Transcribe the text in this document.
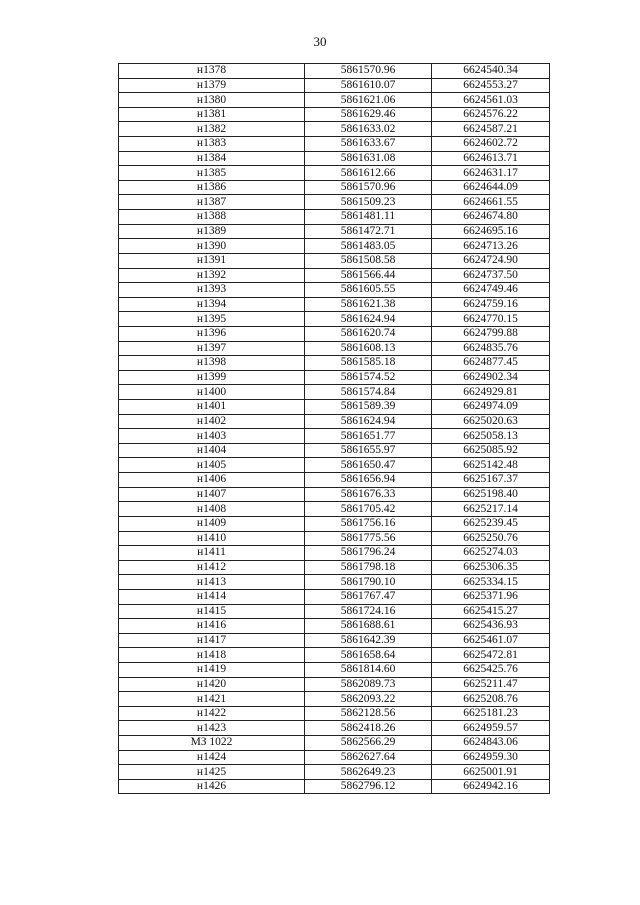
30
н1378	5861570.96	6624540.34
н1379	5861610.07	6624553.27
н1380	5861621.06	6624561.03
н1381	5861629.46	6624576.22
н1382	5861633.02	6624587.21
н1383	5861633.67	6624602.72
н1384	5861631.08	6624613.71
н1385	5861612.66	6624631.17
н1386	5861570.96	6624644.09
н1387	5861509.23	6624661.55
н1388	5861481.11	6624674.80
н1389	5861472.71	6624695.16
н1390	5861483.05	6624713.26
н1391	5861508.58	6624724.90
н1392	5861566.44	6624737.50
н1393	5861605.55	6624749.46
н1394	5861621.38	6624759.16
н1395	5861624.94	6624770.15
н1396	5861620.74	6624799.88
н1397	5861608.13	6624835.76
н1398	5861585.18	6624877.45
н1399	5861574.52	6624902.34
н1400	5861574.84	6624929.81
н1401	5861589.39	6624974.09
н1402	5861624.94	6625020.63
н1403	5861651.77	6625058.13
н1404	5861655.97	6625085.92
н1405	5861650.47	6625142.48
н1406	5861656.94	6625167.37
н1407	5861676.33	6625198.40
н1408	5861705.42	6625217.14
н1409	5861756.16	6625239.45
н1410	5861775.56	6625250.76
н1411	5861796.24	6625274.03
н1412	5861798.18	6625306.35
н1413	5861790.10	6625334.15
н1414	5861767.47	6625371.96
н1415	5861724.16	6625415.27
н1416	5861688.61	6625436.93
н1417	5861642.39	6625461.07
н1418	5861658.64	6625472.81
н1419	5861814.60	6625425.76
н1420	5862089.73	6625211.47
н1421	5862093.22	6625208.76
н1422	5862128.56	6625181.23
н1423	5862418.26	6624959.57
МЗ 1022	5862566.29	6624843.06
н1424	5862627.64	6624959.30
н1425	5862649.23	6625001.91
н1426	5862796.12	6624942.16
